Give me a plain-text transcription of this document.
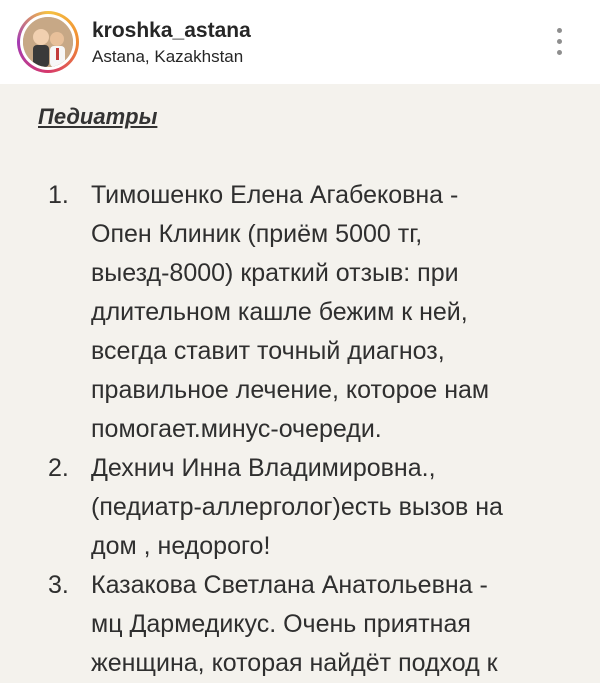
kroshka_astana
Astana, Kazakhstan
Педиатры
1. Тимошенко Елена Агабековна -
Опен Клиник (приём 5000 тг,
выезд-8000) краткий отзыв: при
длительном кашле бежим к ней,
всегда ставит точный диагноз,
правильное лечение, которое нам
помогает.минус-очереди.
2. Дехнич Инна Владимировна.,
(педиатр-аллерголог)есть вызов на
дом , недорого!
3. Казакова Светлана Анатольевна -
мц Дармедикус. Очень приятная
женщина, которая найдёт подход к
